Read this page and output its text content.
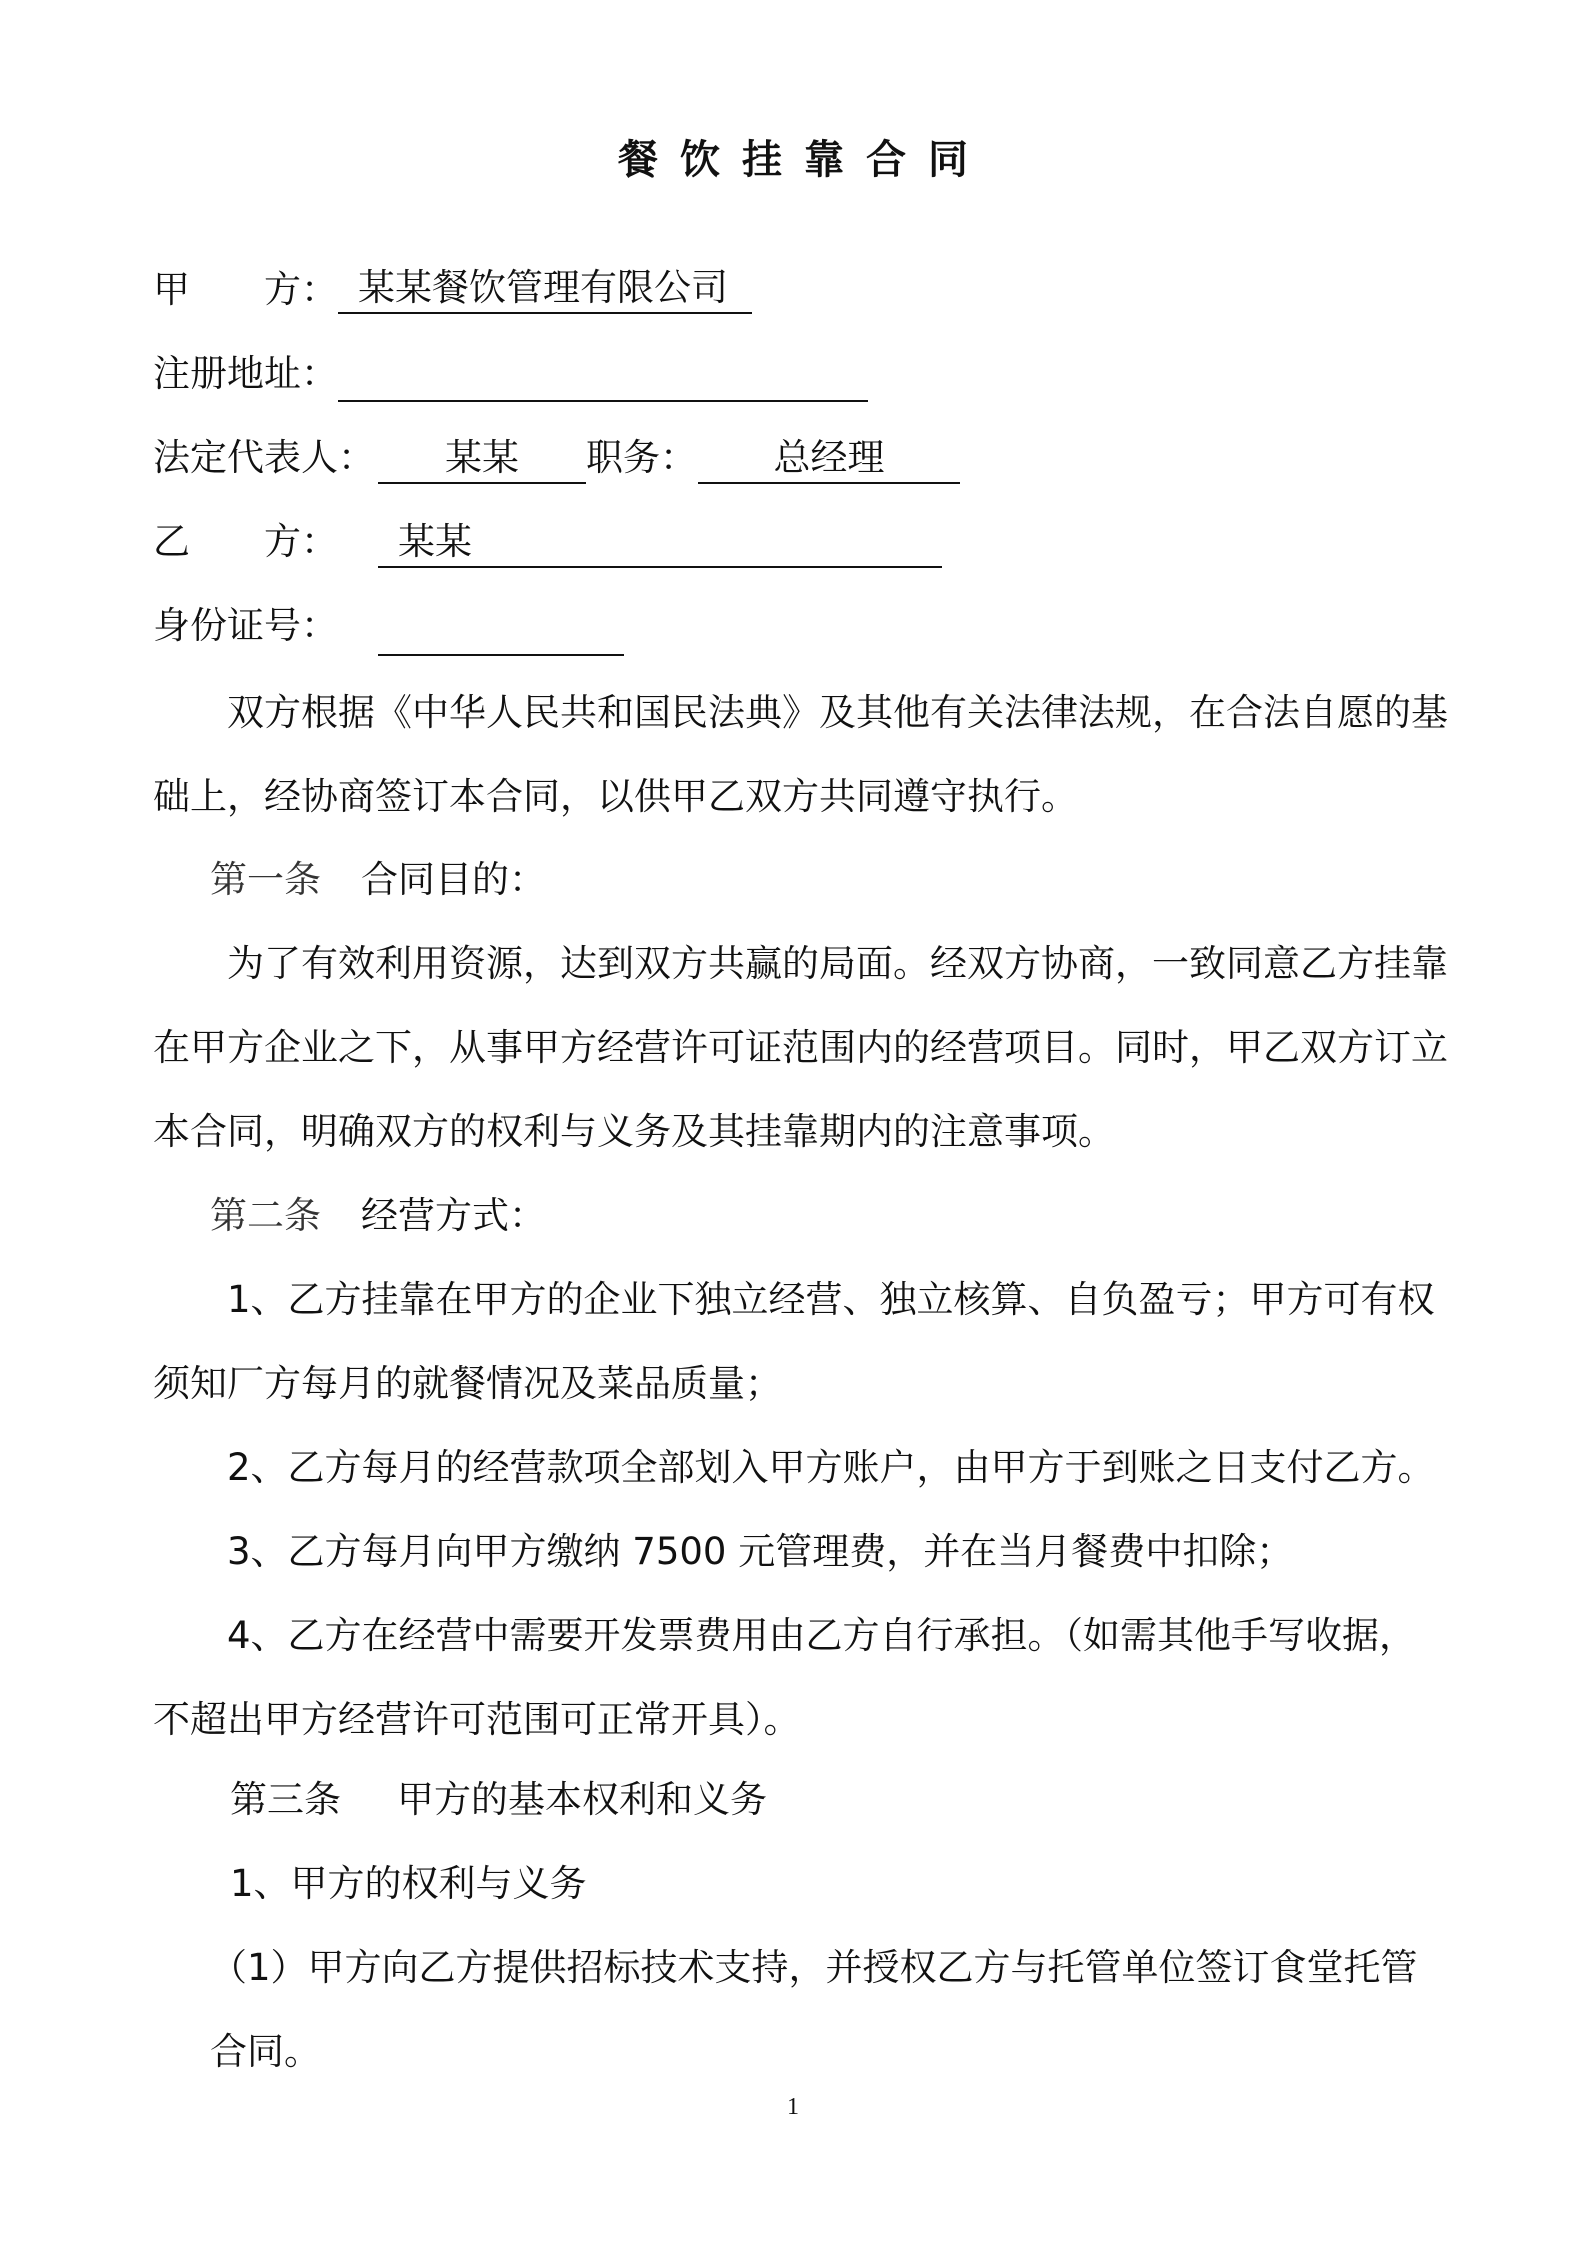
餐饮挂靠合同
甲　　方： 某某餐饮管理有限公司
注册地址：
法定代表人：	某某	职务：	总经理
乙　　方：	某某
身份证号：
双方根据《中华人民共和国民法典》及其他有关法律法规，在合法自愿的基础上，经协商签订本合同，以供甲乙双方共同遵守执行。
第一条 合同目的：
为了有效利用资源，达到双方共赢的局面。经双方协商，一致同意乙方挂靠在甲方企业之下，从事甲方经营许可证范围内的经营项目。同时，甲乙双方订立本合同，明确双方的权利与义务及其挂靠期内的注意事项。
第二条 经营方式：
1、乙方挂靠在甲方的企业下独立经营、独立核算、自负盈亏；甲方可有权须知厂方每月的就餐情况及菜品质量；
2、乙方每月的经营款项全部划入甲方账户，由甲方于到账之日支付乙方。
3、乙方每月向甲方缴纳 7500 元管理费，并在当月餐费中扣除；
4、乙方在经营中需要开发票费用由乙方自行承担。（如需其他手写收据，不超出甲方经营许可范围可正常开具）。
第三条 甲方的基本权利和义务
1、甲方的权利与义务
（1）甲方向乙方提供招标技术支持，并授权乙方与托管单位签订食堂托管合同。
1
